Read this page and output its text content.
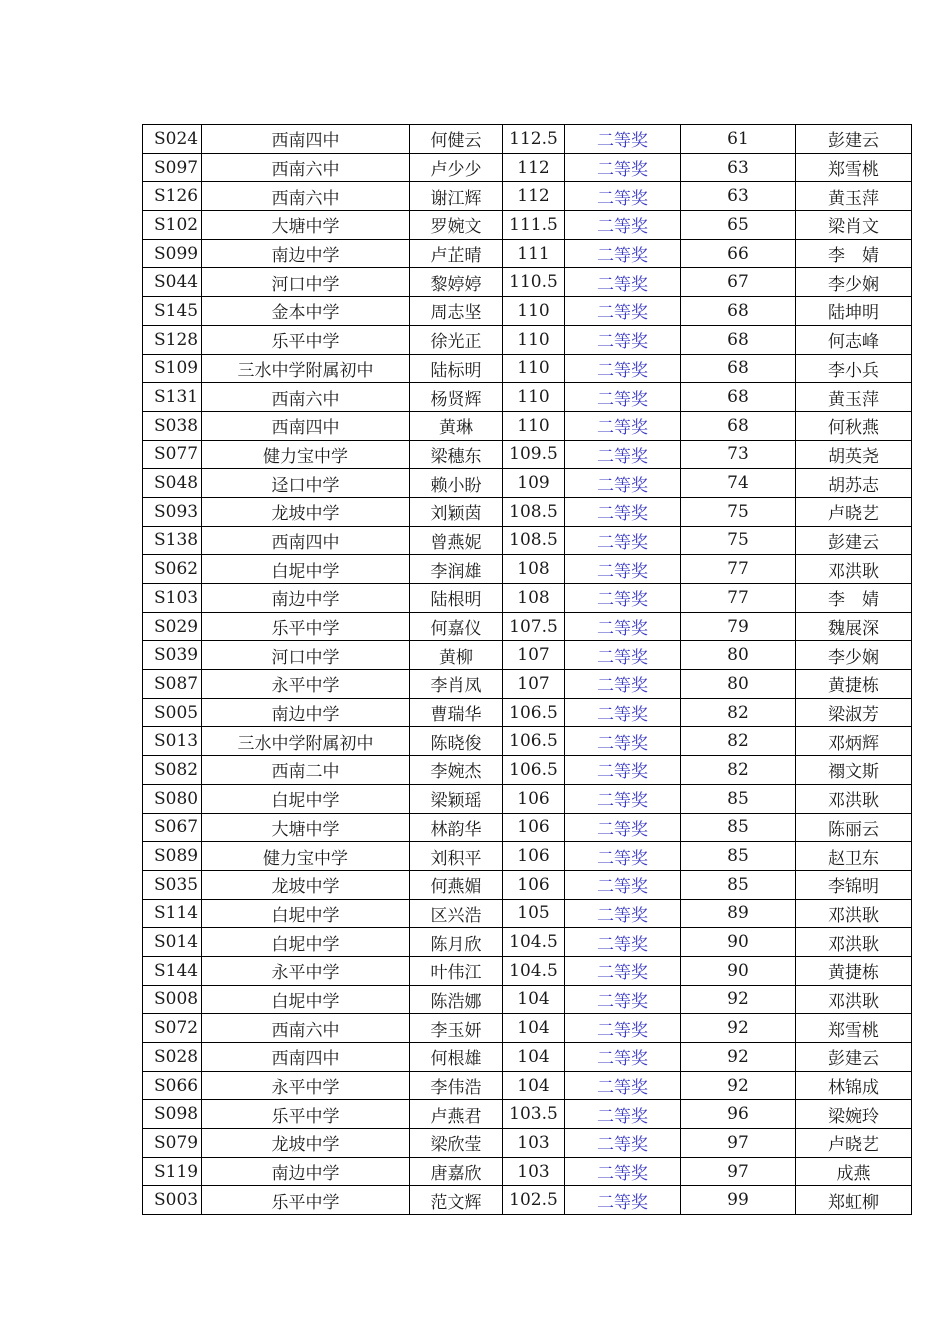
S024	西南四中	何健云	112.5	二等奖	61	彭建云
S097	西南六中	卢少少	112	二等奖	63	郑雪桃
S126	西南六中	谢江辉	112	二等奖	63	黄玉萍
S102	大塘中学	罗婉文	111.5	二等奖	65	梁肖文
S099	南边中学	卢芷晴	111	二等奖	66	李　婧
S044	河口中学	黎婷婷	110.5	二等奖	67	李少娴
S145	金本中学	周志坚	110	二等奖	68	陆坤明
S128	乐平中学	徐光正	110	二等奖	68	何志峰
S109	三水中学附属初中	陆标明	110	二等奖	68	李小兵
S131	西南六中	杨贤辉	110	二等奖	68	黄玉萍
S038	西南四中	黄琳	110	二等奖	68	何秋燕
S077	健力宝中学	梁穗东	109.5	二等奖	73	胡英尧
S048	迳口中学	赖小盼	109	二等奖	74	胡苏志
S093	龙坡中学	刘颖茵	108.5	二等奖	75	卢晓艺
S138	西南四中	曾燕妮	108.5	二等奖	75	彭建云
S062	白坭中学	李润雄	108	二等奖	77	邓洪耿
S103	南边中学	陆根明	108	二等奖	77	李　婧
S029	乐平中学	何嘉仪	107.5	二等奖	79	魏展深
S039	河口中学	黄柳	107	二等奖	80	李少娴
S087	永平中学	李肖凤	107	二等奖	80	黄捷栋
S005	南边中学	曹瑞华	106.5	二等奖	82	梁淑芳
S013	三水中学附属初中	陈晓俊	106.5	二等奖	82	邓炳辉
S082	西南二中	李婉杰	106.5	二等奖	82	禤文斯
S080	白坭中学	梁颖瑶	106	二等奖	85	邓洪耿
S067	大塘中学	林韵华	106	二等奖	85	陈丽云
S089	健力宝中学	刘积平	106	二等奖	85	赵卫东
S035	龙坡中学	何燕媚	106	二等奖	85	李锦明
S114	白坭中学	区兴浩	105	二等奖	89	邓洪耿
S014	白坭中学	陈月欣	104.5	二等奖	90	邓洪耿
S144	永平中学	叶伟江	104.5	二等奖	90	黄捷栋
S008	白坭中学	陈浩娜	104	二等奖	92	邓洪耿
S072	西南六中	李玉妍	104	二等奖	92	郑雪桃
S028	西南四中	何根雄	104	二等奖	92	彭建云
S066	永平中学	李伟浩	104	二等奖	92	林锦成
S098	乐平中学	卢燕君	103.5	二等奖	96	梁婉玲
S079	龙坡中学	梁欣莹	103	二等奖	97	卢晓艺
S119	南边中学	唐嘉欣	103	二等奖	97	成燕
S003	乐平中学	范文辉	102.5	二等奖	99	郑虹柳
